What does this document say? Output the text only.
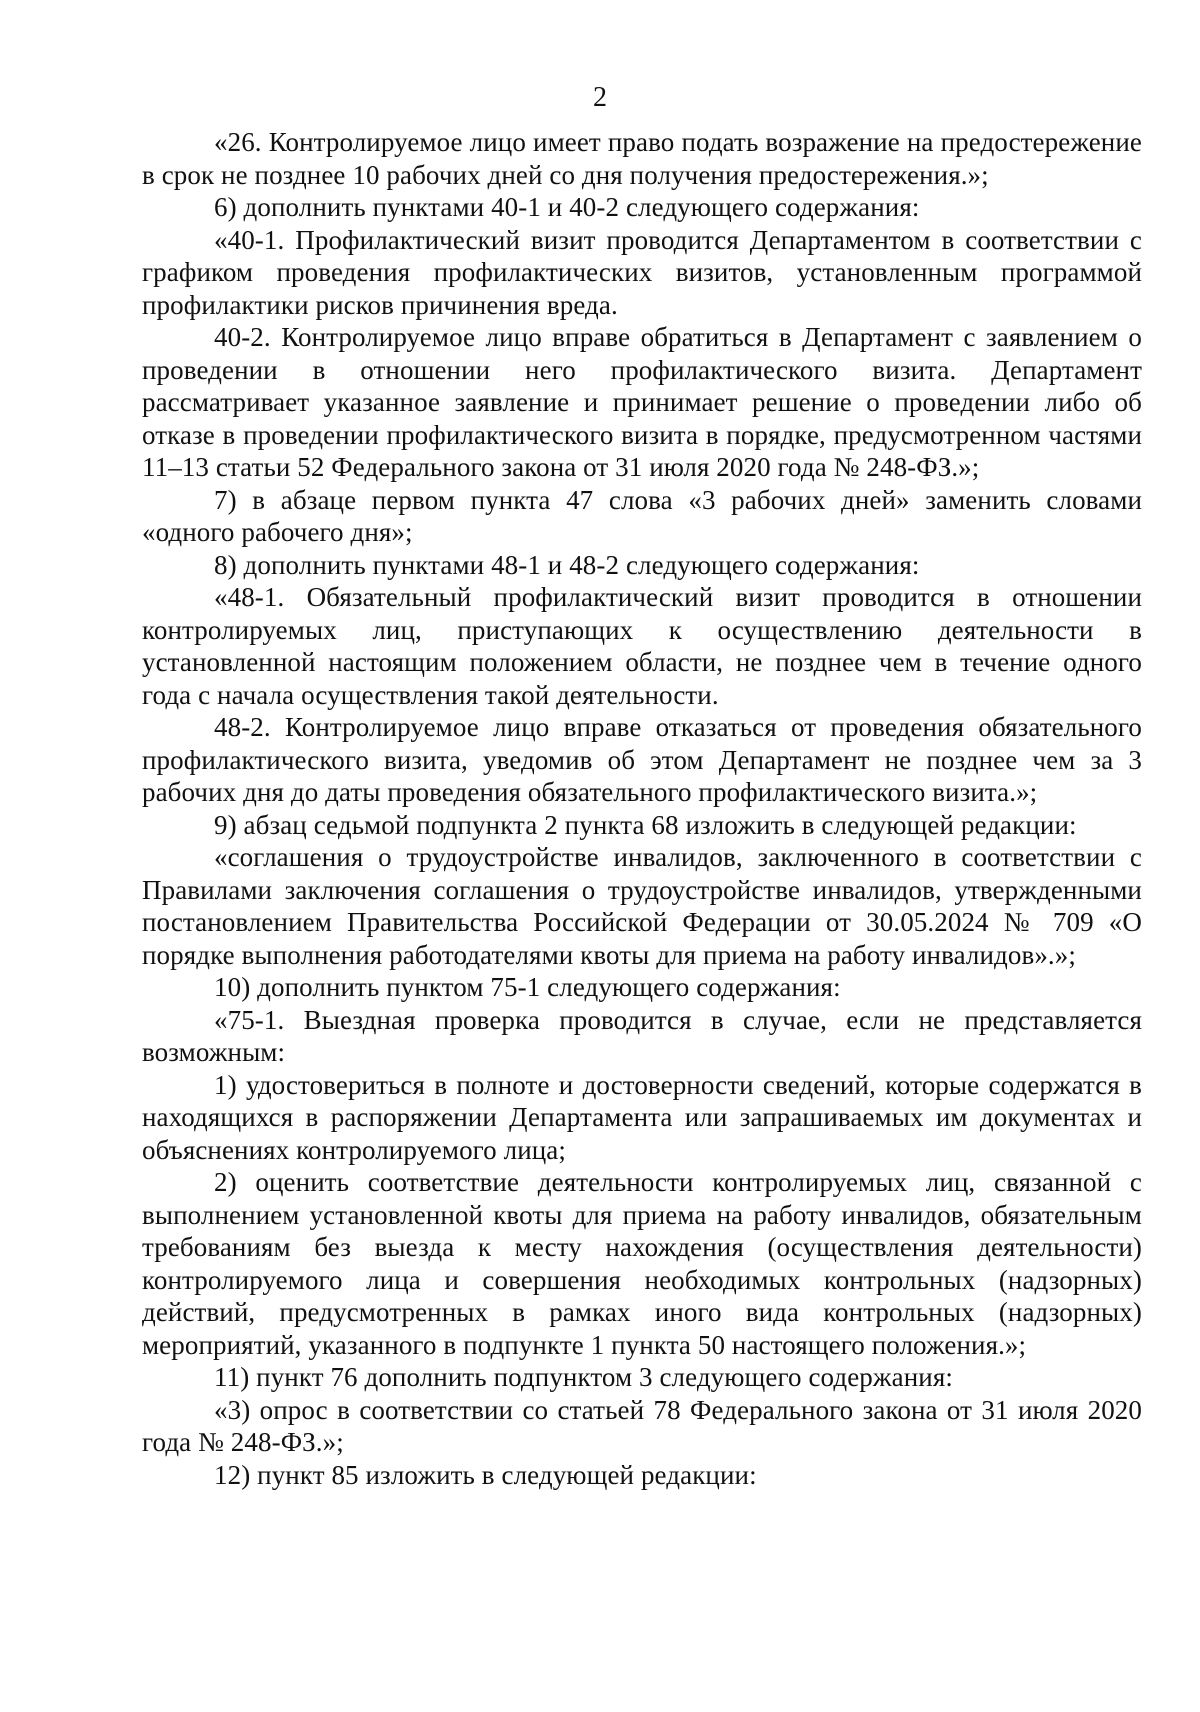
2

«26. Контролируемое лицо имеет право подать возражение на предостережение в срок не позднее 10 рабочих дней со дня получения предостережения.»;

6) дополнить пунктами 40-1 и 40-2 следующего содержания:

«40-1. Профилактический визит проводится Департаментом в соответствии с графиком проведения профилактических визитов, установленным программой профилактики рисков причинения вреда.

40-2. Контролируемое лицо вправе обратиться в Департамент с заявлением о проведении в отношении него профилактического визита. Департамент рассматривает указанное заявление и принимает решение о проведении либо об отказе в проведении профилактического визита в порядке, предусмотренном частями 11–13 статьи 52 Федерального закона от 31 июля 2020 года № 248-ФЗ.»;

7) в абзаце первом пункта 47 слова «3 рабочих дней» заменить словами «одного рабочего дня»;

8) дополнить пунктами 48-1 и 48-2 следующего содержания:

«48-1. Обязательный профилактический визит проводится в отношении контролируемых лиц, приступающих к осуществлению деятельности в установленной настоящим положением области, не позднее чем в течение одного года с начала осуществления такой деятельности.

48-2. Контролируемое лицо вправе отказаться от проведения обязательного профилактического визита, уведомив об этом Департамент не позднее чем за 3 рабочих дня до даты проведения обязательного профилактического визита.»;

9) абзац седьмой подпункта 2 пункта 68 изложить в следующей редакции:

«соглашения о трудоустройстве инвалидов, заключенного в соответствии с Правилами заключения соглашения о трудоустройстве инвалидов, утвержденными постановлением Правительства Российской Федерации от 30.05.2024 № 709 «О порядке выполнения работодателями квоты для приема на работу инвалидов».»;

10) дополнить пунктом 75-1 следующего содержания:

«75-1. Выездная проверка проводится в случае, если не представляется возможным:

1) удостовериться в полноте и достоверности сведений, которые содержатся в находящихся в распоряжении Департамента или запрашиваемых им документах и объяснениях контролируемого лица;

2) оценить соответствие деятельности контролируемых лиц, связанной с выполнением установленной квоты для приема на работу инвалидов, обязательным требованиям без выезда к месту нахождения (осуществления деятельности) контролируемого лица и совершения необходимых контрольных (надзорных) действий, предусмотренных в рамках иного вида контрольных (надзорных) мероприятий, указанного в подпункте 1 пункта 50 настоящего положения.»;

11) пункт 76 дополнить подпунктом 3 следующего содержания:

«3) опрос в соответствии со статьей 78 Федерального закона от 31 июля 2020 года № 248-ФЗ.»;

12) пункт 85 изложить в следующей редакции:
